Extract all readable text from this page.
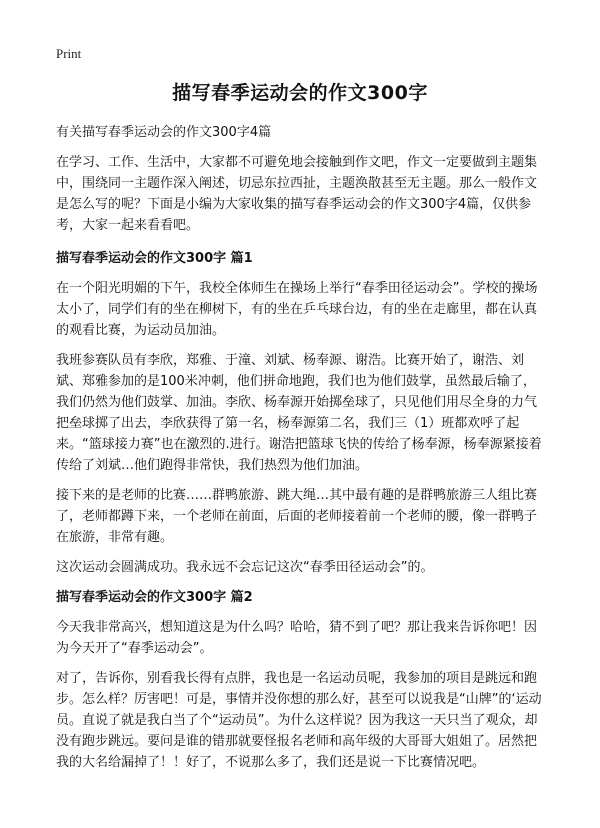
Print
描写春季运动会的作文300字

有关描写春季运动会的作文300字4篇

在学习、工作、生活中，大家都不可避免地会接触到作文吧，作文一定要做到主题集中，围绕同一主题作深入阐述，切忌东拉西扯，主题涣散甚至无主题。那么一般作文是怎么写的呢？下面是小编为大家收集的描写春季运动会的作文300字4篇，仅供参考，大家一起来看看吧。

描写春季运动会的作文300字 篇1

在一个阳光明媚的下午，我校全体师生在操场上举行“春季田径运动会”。学校的操场太小了，同学们有的坐在柳树下，有的坐在乒乓球台边，有的坐在走廊里，都在认真的观看比赛，为运动员加油。

我班参赛队员有李欣，郑雅、于潼、刘斌、杨奉源、谢浩。比赛开始了，谢浩、刘斌、郑雅参加的是100米冲刺，他们拼命地跑，我们也为他们鼓掌，虽然最后输了，我们仍然为他们鼓掌、加油。李欣、杨奉源开始掷垒球了，只见他们用尽全身的力气把垒球掷了出去，李欣获得了第一名，杨奉源第二名，我们三（1）班都欢呼了起来。“篮球接力赛”也在激烈的.进行。谢浩把篮球飞快的传给了杨奉源，杨奉源紧接着传给了刘斌…他们跑得非常快，我们热烈为他们加油。

接下来的是老师的比赛……群鸭旅游、跳大绳…其中最有趣的是群鸭旅游三人组比赛了，老师都蹲下来，一个老师在前面，后面的老师接着前一个老师的腰，像一群鸭子在旅游，非常有趣。

这次运动会圆满成功。我永远不会忘记这次“春季田径运动会”的。

描写春季运动会的作文300字 篇2

今天我非常高兴，想知道这是为什么吗？哈哈，猜不到了吧？那让我来告诉你吧！因为今天开了“春季运动会”。

对了，告诉你，别看我长得有点胖，我也是一名运动员呢，我参加的项目是跳远和跑步。怎么样？厉害吧！可是，事情并没你想的那么好，甚至可以说我是“山牌”的‘运动员。直说了就是我白当了个“运动员”。为什么这样说？因为我这一天只当了观众，却没有跑步跳远。要问是谁的错那就要怪报名老师和高年级的大哥哥大姐姐了。居然把我的大名给漏掉了！！好了，不说那么多了，我们还是说一下比赛情况吧。
